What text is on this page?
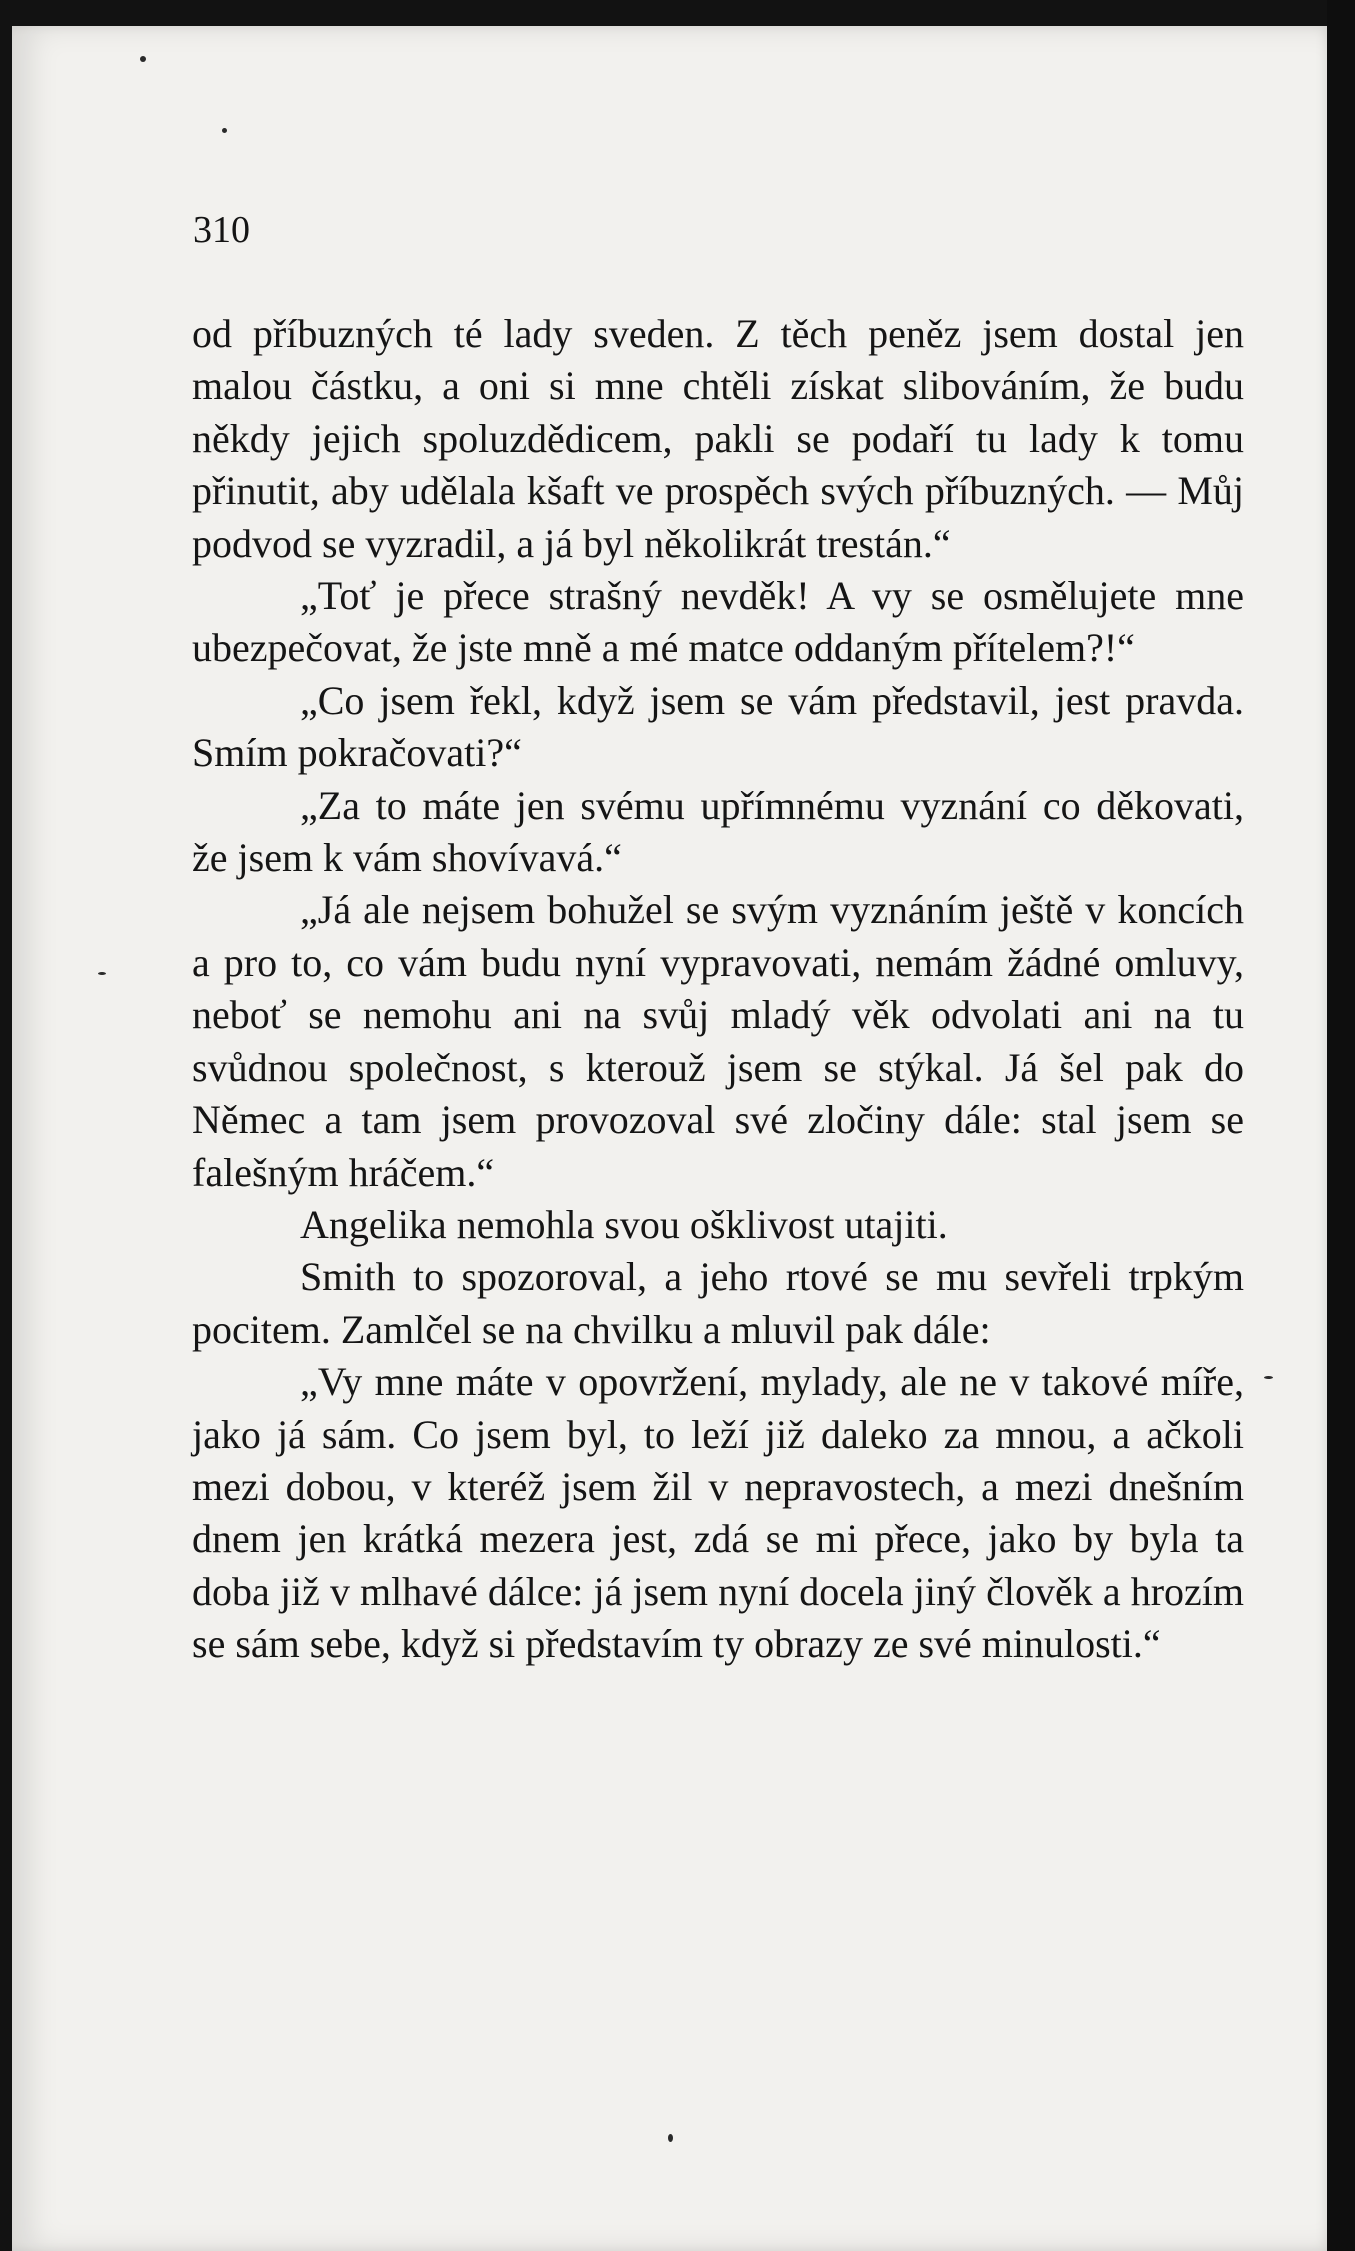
310

od příbuzných té lady sveden. Z těch peněz jsem dostal jen malou částku, a oni si mne chtěli získat slibováním, že budu někdy jejich spoluzdědicem, pakli se podaří tu lady k tomu přinutit, aby udělala kšaft ve prospěch svých příbuzných. — Můj podvod se vyzradil, a já byl několikrát trestán.“

„Toť je přece strašný nevděk! A vy se osmělujete mne ubezpečovat, že jste mně a mé matce oddaným přítelem?!“

„Co jsem řekl, když jsem se vám představil, jest pravda. Smím pokračovati?“

„Za to máte jen svému upřímnému vyznání co děkovati, že jsem k vám shovívavá.“

„Já ale nejsem bohužel se svým vyznáním ještě v koncích a pro to, co vám budu nyní vypravovati, nemám žádné omluvy, neboť se nemohu ani na svůj mladý věk odvolati ani na tu svůdnou společnost, s kterouž jsem se stýkal. Já šel pak do Němec a tam jsem provozoval své zločiny dále: stal jsem se falešným hráčem.“

Angelika nemohla svou ošklivost utajiti.

Smith to spozoroval, a jeho rtové se mu sevřeli trpkým pocitem. Zamlčel se na chvilku a mluvil pak dále:

„Vy mne máte v opovržení, mylady, ale ne v takové míře, jako já sám. Co jsem byl, to leží již daleko za mnou, a ačkoli mezi dobou, v kteréž jsem žil v nepravostech, a mezi dnešním dnem jen krátká mezera jest, zdá se mi přece, jako by byla ta doba již v mlhavé dálce: já jsem nyní docela jiný člověk a hrozím se sám sebe, když si představím ty obrazy ze své minulosti.“
